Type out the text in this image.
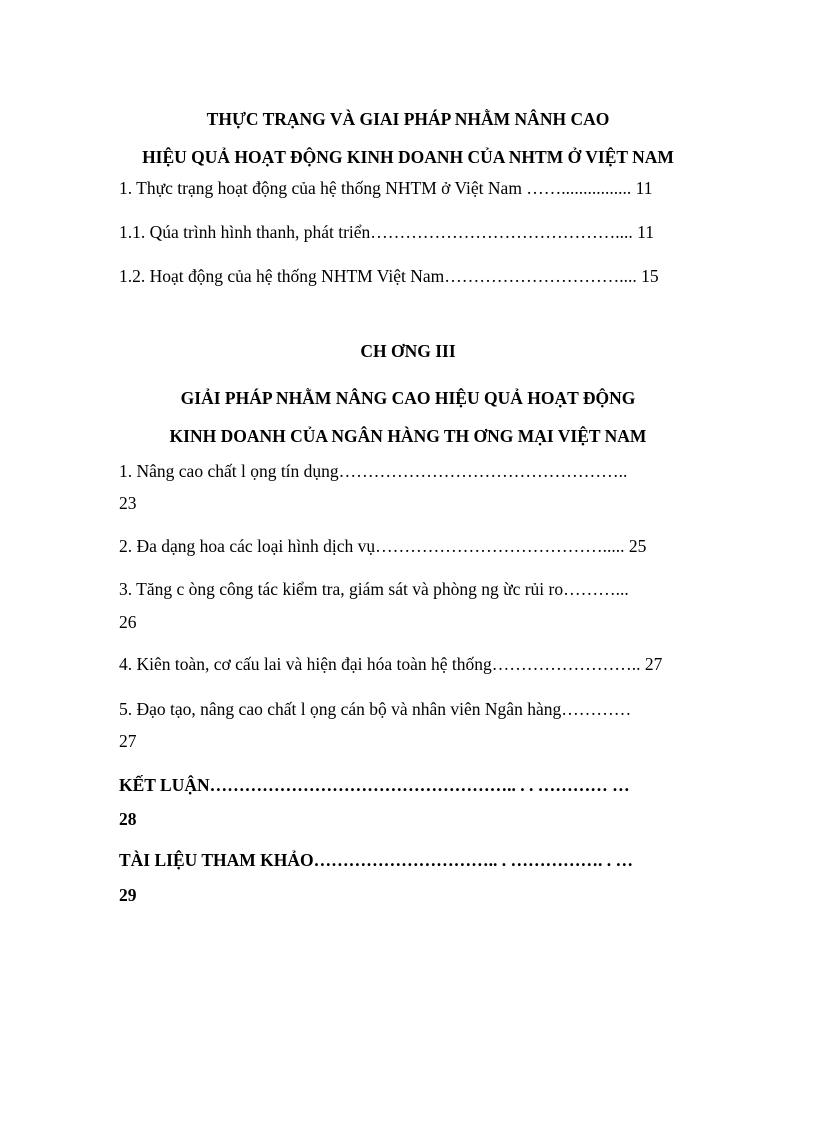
THỰC TRẠNG VÀ GIAI PHÁP NHẰM NÂNH CAO
HIỆU QUẢ HOẠT ĐỘNG KINH DOANH CỦA NHTM Ở VIỆT NAM
1. Thực trạng hoạt động của hệ thống NHTM ở Việt Nam ……................ 11
1.1. Qúa trình hình thanh, phát triển…………………………………….... 11
1.2. Hoạt động của hệ thống NHTM Việt Nam………………………….... 15
CH ƠNG III
GIẢI PHÁP NHẰM NÂNG CAO HIỆU QUẢ HOẠT ĐỘNG
KINH DOANH CỦA NGÂN HÀNG TH ƠNG MẠI VIỆT NAM
1. Nâng cao chất l ọng tín dụng…………………………………………..
23
2. Đa dạng hoa các loại hình dịch vụ…………………………………..... 25
3. Tăng c òng công tác kiểm tra, giám sát và phòng ng ừc rủi ro………...
26
4. Kiên toàn, cơ cấu lai và hiện đại hóa toàn hệ thống…………………….. 27
5. Đạo tạo, nâng cao chất l ọng cán bộ và nhân viên Ngân hàng…………
27
KẾT LUẬN…………………………………………….. . . ………… …
28
TÀI LIỆU THAM KHẢO………………………….. . ……………. . …
29
